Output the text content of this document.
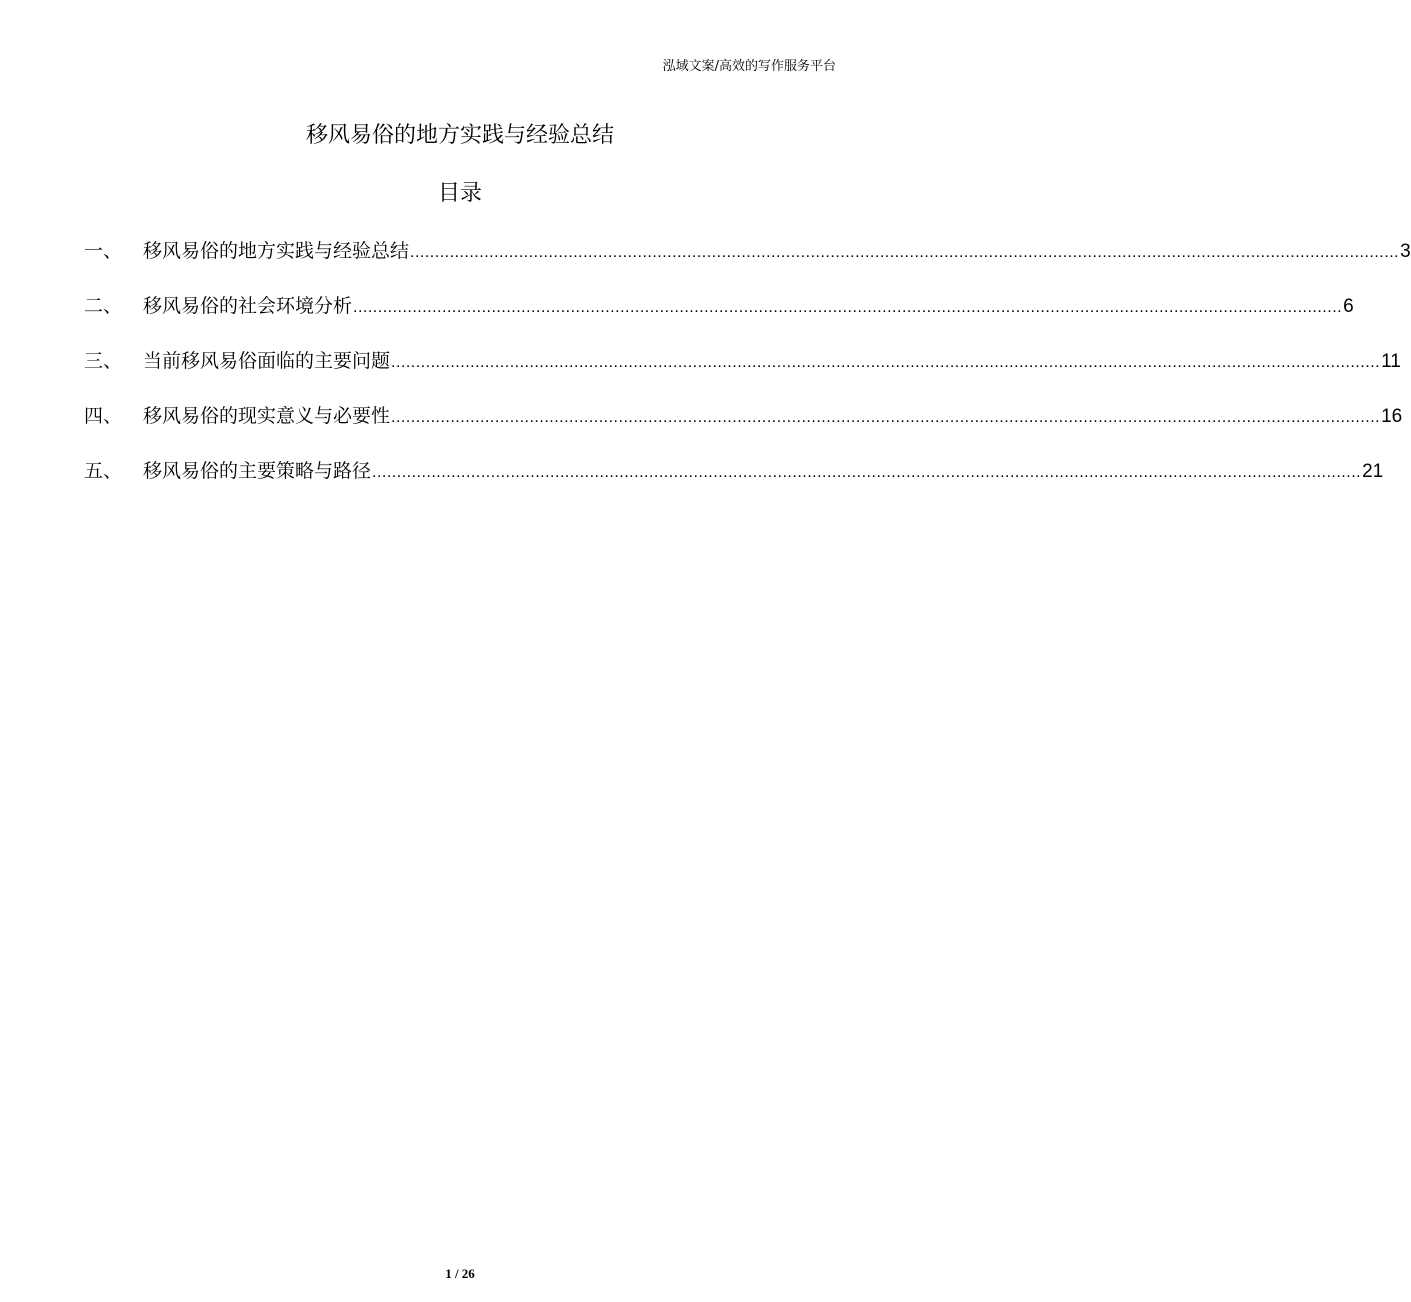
泓域文案/高效的写作服务平台
移风易俗的地方实践与经验总结
目录
一、	移风易俗的地方实践与经验总结 ........................................................................................................................................................................................................ 3
二、	移风易俗的社会环境分析 ........................................................................................................................................................................................................ 6
三、	当前移风易俗面临的主要问题 ........................................................................................................................................................................................................ 11
四、	移风易俗的现实意义与必要性 ........................................................................................................................................................................................................ 16
五、	移风易俗的主要策略与路径 ........................................................................................................................................................................................................ 21
1 / 26
